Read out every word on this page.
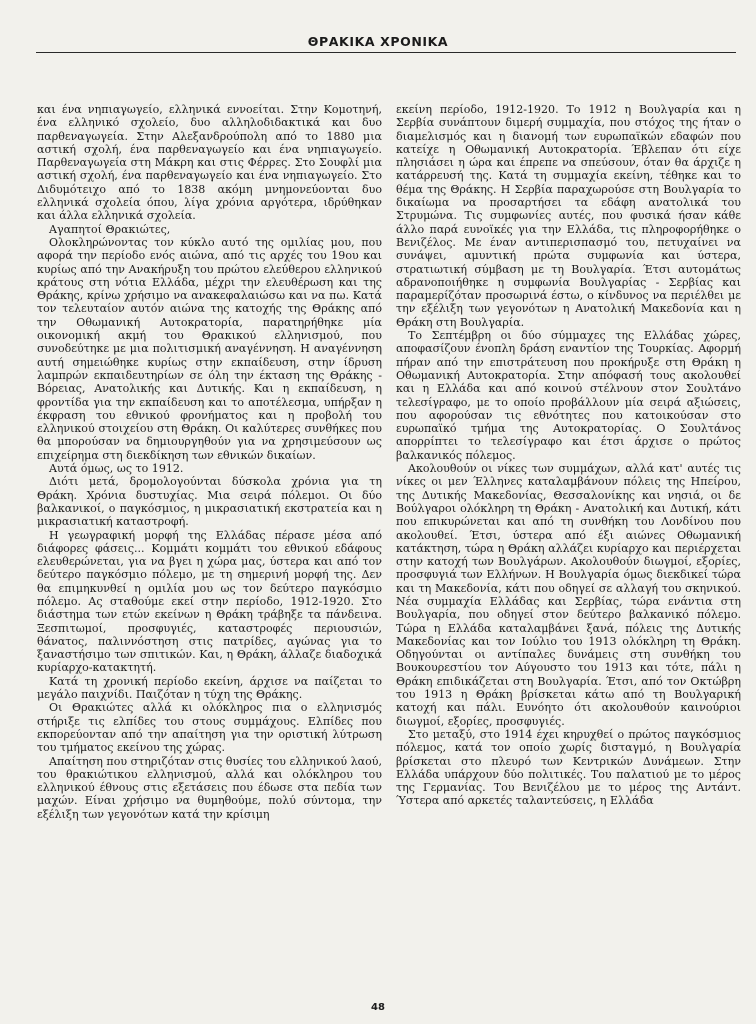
ΘΡΑΚΙΚΑ ΧΡΟΝΙΚΑ

και ένα νηπιαγωγείο, ελληνικά εννοείται. Στην Κομοτηνή, ένα ελληνικό σχολείο, δυο αλληλοδιδακτικά και δυο παρθεναγωγεία. Στην Αλεξανδρούπολη από το 1880 μια αστική σχολή, ένα παρθεναγωγείο και ένα νηπιαγωγείο. Παρθεναγωγεία στη Μάκρη και στις Φέρρες. Στο Σουφλί μια αστική σχολή, ένα παρθεναγωγείο και ένα νηπιαγωγείο. Στο Διδυμότειχο από το 1838 ακόμη μνημονεύονται δυο ελληνικά σχολεία όπου, λίγα χρόνια αργότερα, ιδρύθηκαν και άλλα ελληνικά σχολεία.

Αγαπητοί Θρακιώτες,

Ολοκληρώνοντας τον κύκλο αυτό της ομιλίας μου, που αφορά την περίοδο ενός αιώνα, από τις αρχές του 19ου και κυρίως από την Ανακήρυξη του πρώτου ελεύθερου ελληνικού κράτους στη νότια Ελλάδα, μέχρι την ελευθέρωση και της Θράκης, κρίνω χρήσιμο να ανακεφαλαιώσω και να πω. Κατά τον τελευταίον αυτόν αιώνα της κατοχής της Θράκης από την Οθωμανική Αυτοκρατορία, παρατηρήθηκε μία οικονομική ακμή του Θρακικού ελληνισμού, που συνοδεύτηκε με μια πολιτισμική αναγέννηση. Η αναγέννηση αυτή σημειώθηκε κυρίως στην εκπαίδευση, στην ίδρυση λαμπρών εκπαιδευτηρίων σε όλη την έκταση της Θράκης - Βόρειας, Ανατολικής και Δυτικής. Και η εκπαίδευση, η φροντίδα για την εκπαίδευση και το αποτέλεσμα, υπήρξαν η έκφραση του εθνικού φρονήματος και η προβολή του ελληνικού στοιχείου στη Θράκη. Οι καλύτερες συνθήκες που θα μπορούσαν να δημιουργηθούν για να χρησιμεύσουν ως επιχείρημα στη διεκδίκηση των εθνικών δικαίων.

Αυτά όμως, ως το 1912.

Διότι μετά, δρομολογούνται δύσκολα χρόνια για τη Θράκη. Χρόνια δυστυχίας. Μια σειρά πόλεμοι. Οι δύο βαλκανικοί, ο παγκόσμιος, η μικρασιατική εκστρατεία και η μικρασιατική καταστροφή.

Η γεωγραφική μορφή της Ελλάδας πέρασε μέσα από διάφορες φάσεις... Κομμάτι κομμάτι του εθνικού εδάφους ελευθερώνεται, για να βγει η χώρα μας, ύστερα και από τον δεύτερο παγκόσμιο πόλεμο, με τη σημερινή μορφή της. Δεν θα επιμηκυνθεί η ομιλία μου ως τον δεύτερο παγκόσμιο πόλεμο. Ας σταθούμε εκεί στην περίοδο, 1912-1920. Στο διάστημα των ετών εκείνων η Θράκη τράβηξε τα πάνδεινα. Ξεσπιτωμοί, προσφυγιές, καταστροφές περιουσιών, θάνατος, παλιννόστηση στις πατρίδες, αγώνας για το ξαναστήσιμο των σπιτικών. Και, η Θράκη, άλλαζε διαδοχικά κυρίαρχο-κατακτητή.

Κατά τη χρονική περίοδο εκείνη, άρχισε να παίζεται το μεγάλο παιχνίδι. Παιζόταν η τύχη της Θράκης.

Οι Θρακιώτες αλλά κι ολόκληρος πια ο ελληνισμός στήριξε τις ελπίδες του στους συμμάχους. Ελπίδες που εκπορεύονταν από την απαίτηση για την οριστική λύτρωση του τμήματος εκείνου της χώρας.

Απαίτηση που στηριζόταν στις θυσίες του ελληνικού λαού, του θρακιώτικου ελληνισμού, αλλά και ολόκληρου του ελληνικού έθνους στις εξετάσεις που έδωσε στα πεδία των μαχών. Είναι χρήσιμο να θυμηθούμε, πολύ σύντομα, την εξέλιξη των γεγονότων κατά την κρίσιμη

εκείνη περίοδο, 1912-1920. Το 1912 η Βουλγαρία και η Σερβία συνάπτουν διμερή συμμαχία, που στόχος της ήταν ο διαμελισμός και η διανομή των ευρωπαϊκών εδαφών που κατείχε η Οθωμανική Αυτοκρατορία. Έβλεπαν ότι είχε πλησιάσει η ώρα και έπρεπε να σπεύσουν, όταν θα άρχιζε η κατάρρευσή της. Κατά τη συμμαχία εκείνη, τέθηκε και το θέμα της Θράκης. Η Σερβία παραχωρούσε στη Βουλγαρία το δικαίωμα να προσαρτήσει τα εδάφη ανατολικά του Στρυμώνα. Τις συμφωνίες αυτές, που φυσικά ήσαν κάθε άλλο παρά ευνοϊκές για την Ελλάδα, τις πληροφορήθηκε ο Βενιζέλος. Με έναν αντιπερισπασμό του, πετυχαίνει να συνάψει, αμυντική πρώτα συμφωνία και ύστερα, στρατιωτική σύμβαση με τη Βουλγαρία. Έτσι αυτομάτως αδρανοποιήθηκε η συμφωνία Βουλγαρίας - Σερβίας και παραμερίζόταν προσωρινά έστω, ο κίνδυνος να περιέλθει με την εξέλιξη των γεγονότων η Ανατολική Μακεδονία και η Θράκη στη Βουλγαρία.

Το Σεπτέμβρη οι δύο σύμμαχες της Ελλάδας χώρες, αποφασίζουν ένοπλη δράση εναντίον της Τουρκίας. Αφορμή πήραν από την επιστράτευση που προκήρυξε στη Θράκη η Οθωμανική Αυτοκρατορία. Στην απόφασή τους ακολουθεί και η Ελλάδα και από κοινού στέλνουν στον Σουλτάνο τελεσίγραφο, με το οποίο προβάλλουν μία σειρά αξιώσεις, που αφορούσαν τις εθνότητες που κατοικούσαν στο ευρωπαϊκό τμήμα της Αυτοκρατορίας. Ο Σουλτάνος απορρίπτει το τελεσίγραφο και έτσι άρχισε ο πρώτος βαλκανικός πόλεμος.

Ακολουθούν οι νίκες των συμμάχων, αλλά κατ' αυτές τις νίκες οι μεν Έλληνες καταλαμβάνουν πόλεις της Ηπείρου, της Δυτικής Μακεδονίας, Θεσσαλονίκης και νησιά, οι δε Βούλγαροι ολόκληρη τη Θράκη - Ανατολική και Δυτική, κάτι που επικυρώνεται και από τη συνθήκη του Λονδίνου που ακολουθεί. Έτσι, ύστερα από έξι αιώνες Οθωμανική κατάκτηση, τώρα η Θράκη αλλάζει κυρίαρχο και περιέρχεται στην κατοχή των Βουλγάρων. Ακολουθούν διωγμοί, εξορίες, προσφυγιά των Ελλήνων. Η Βουλγαρία όμως διεκδικεί τώρα και τη Μακεδονία, κάτι που οδηγεί σε αλλαγή του σκηνικού. Νέα συμμαχία Ελλάδας και Σερβίας, τώρα ενάντια στη Βουλγαρία, που οδηγεί στον δεύτερο βαλκανικό πόλεμο. Τώρα η Ελλάδα καταλαμβάνει ξανά, πόλεις της Δυτικής Μακεδονίας και τον Ιούλιο του 1913 ολόκληρη τη Θράκη. Οδηγούνται οι αντίπαλες δυνάμεις στη συνθήκη του Βουκουρεστίου τον Αύγουστο του 1913 και τότε, πάλι η Θράκη επιδικάζεται στη Βουλγαρία. Έτσι, από τον Οκτώβρη του 1913 η Θράκη βρίσκεται κάτω από τη Βουλγαρική κατοχή και πάλι. Ευνόητο ότι ακολουθούν καινούριοι διωγμοί, εξορίες, προσφυγιές.

Στο μεταξύ, στο 1914 έχει κηρυχθεί ο πρώτος παγκόσμιος πόλεμος, κατά τον οποίο χωρίς δισταγμό, η Βουλγαρία βρίσκεται στο πλευρό των Κεντρικών Δυνάμεων. Στην Ελλάδα υπάρχουν δύο πολιτικές. Του παλατιού με το μέρος της Γερμανίας. Του Βενιζέλου με το μέρος της Αντάντ. Ύστερα από αρκετές ταλαντεύσεις, η Ελλάδα

48
